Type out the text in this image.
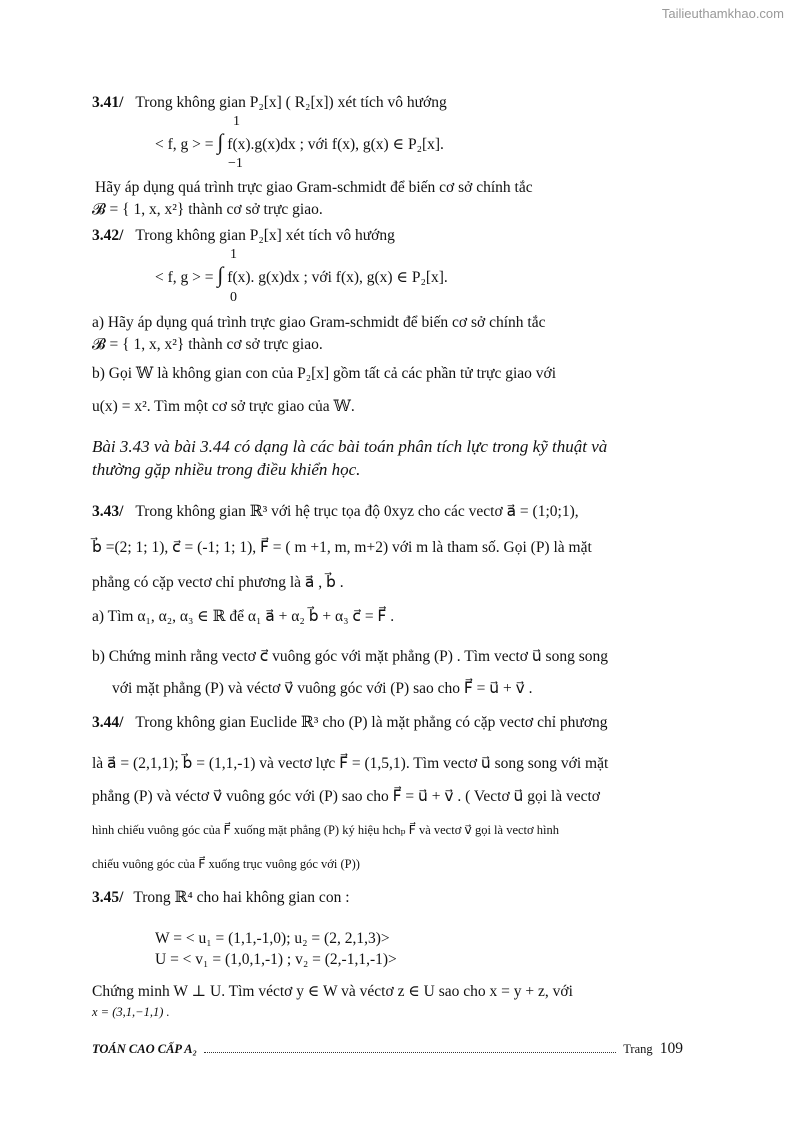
Tailieuthamkhao.com
3.41/ Trong không gian P₂[x] ( R₂[x]) xét tích vô hướng
1
< f, g > = ∫ f(x).g(x)dx ; với f(x), g(x) ∈ P₂[x].
−1
Hãy áp dụng quá trình trực giao Gram-schmidt để biến cơ sở chính tắc
𝓑 = { 1, x, x²} thành cơ sở trực giao.
3.42/ Trong không gian P₂[x] xét tích vô hướng
1
< f, g > = ∫ f(x). g(x)dx ; với f(x), g(x) ∈ P₂[x].
0
a) Hãy áp dụng quá trình trực giao Gram-schmidt để biến cơ sở chính tắc
𝓑 = { 1, x, x²} thành cơ sở trực giao.
b) Gọi 𝕎 là không gian con của P₂[x] gồm tất cả các phần tử trực giao với
u(x) = x². Tìm một cơ sở trực giao của 𝕎.
Bài 3.43 và bài 3.44 có dạng là các bài toán phân tích lực trong kỹ thuật và
thường gặp nhiều trong điều khiển học.
3.43/ Trong không gian ℝ³ với hệ trục tọa độ 0xyz cho các vectơ a⃗ = (1;0;1),
b⃗ =(2; 1; 1), c⃗ = (-1; 1; 1), F⃗ = ( m +1, m, m+2) với m là tham số. Gọi (P) là mặt
phẳng có cặp vectơ chỉ phương là a⃗ , b⃗ .
a) Tìm α₁, α₂, α₃ ∈ ℝ để α₁ a⃗ + α₂ b⃗ + α₃ c⃗ = F⃗ .
b) Chứng minh rằng vectơ c⃗ vuông góc với mặt phẳng (P) . Tìm vectơ u⃗ song song
với mặt phẳng (P) và véctơ v⃗ vuông góc với (P) sao cho F⃗ = u⃗ + v⃗ .
3.44/ Trong không gian Euclide ℝ³ cho (P) là mặt phẳng có cặp vectơ chỉ phương
là a⃗ = (2,1,1); b⃗ = (1,1,-1) và vectơ lực F⃗ = (1,5,1). Tìm vectơ u⃗ song song với mặt
phẳng (P) và véctơ v⃗ vuông góc với (P) sao cho F⃗ = u⃗ + v⃗ . ( Vectơ u⃗ gọi là vectơ
hình chiếu vuông góc của F⃗ xuống mặt phẳng (P) ký hiệu hchₚ F⃗ và vectơ v⃗ gọi là vectơ hình
chiếu vuông góc của F⃗ xuống trục vuông góc với (P))
3.45/ Trong ℝ⁴ cho hai không gian con :
W = < u₁ = (1,1,-1,0); u₂ = (2, 2,1,3)>
U = < v₁ = (1,0,1,-1) ; v₂ = (2,-1,1,-1)>
Chứng minh W ⊥ U. Tìm véctơ y ∈ W và véctơ z ∈ U sao cho x = y + z, với
x = (3,1,−1,1) .
TOÁN CAO CẤP A₂	Trang 109
